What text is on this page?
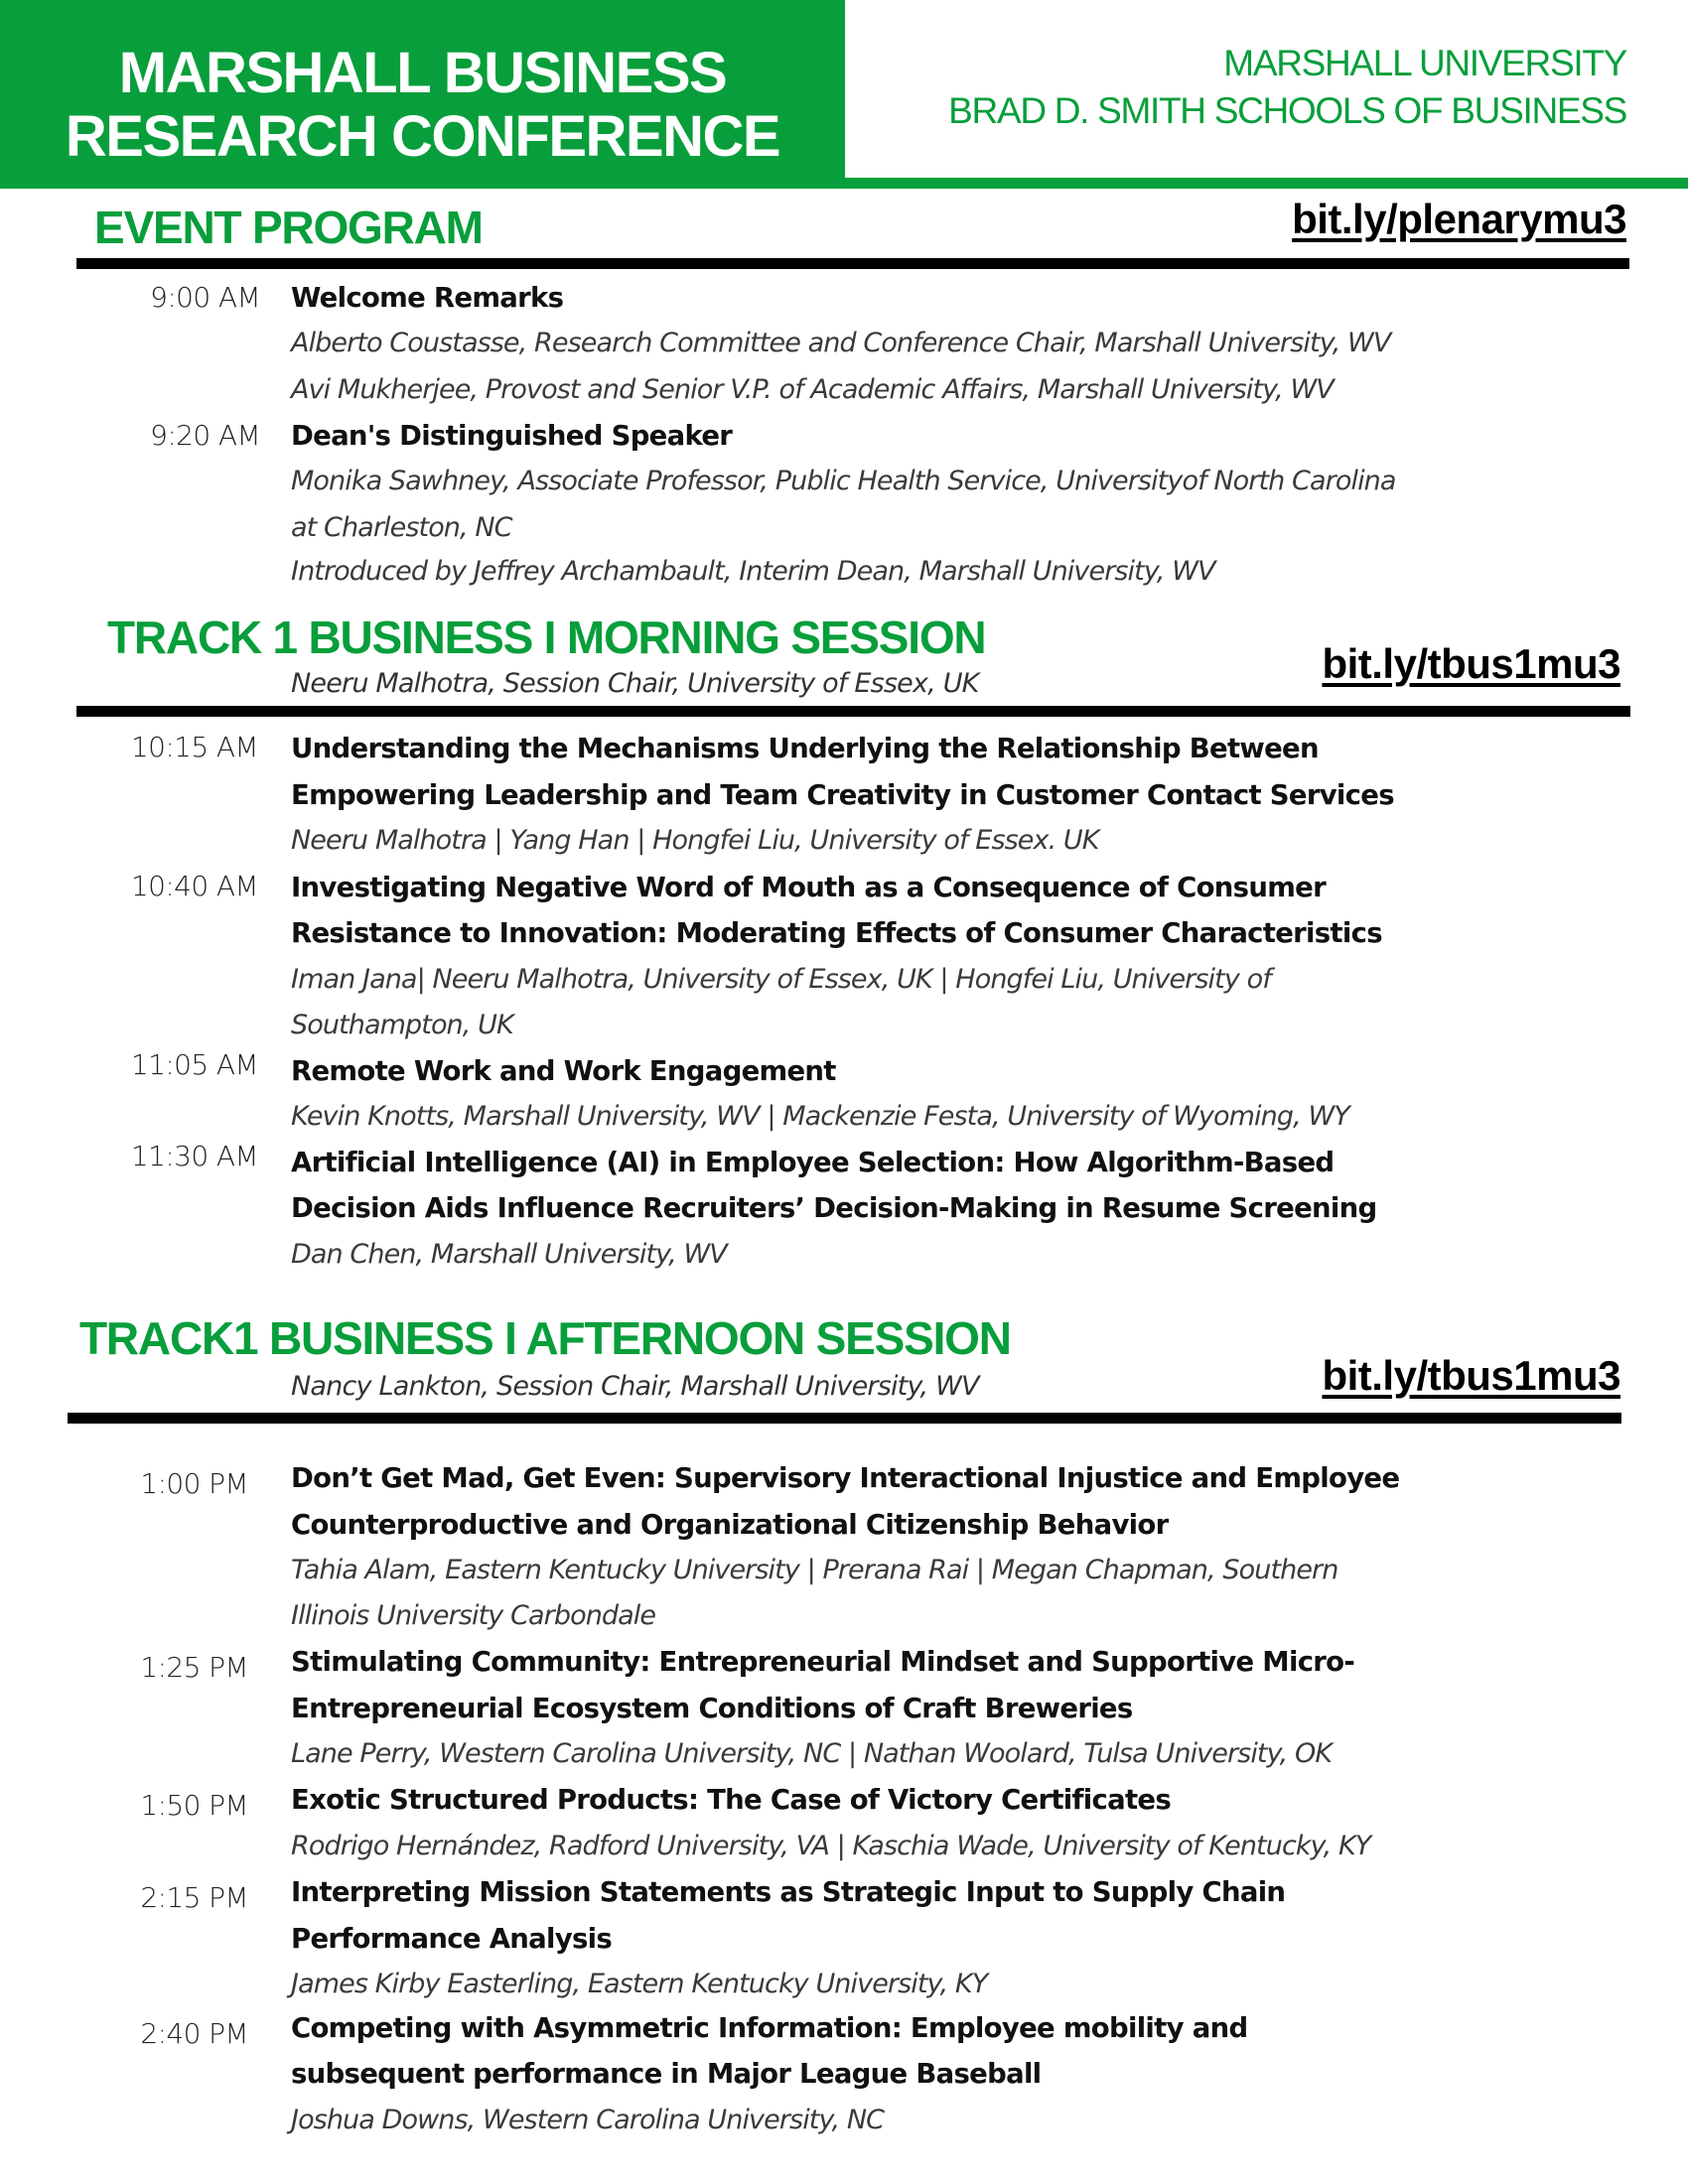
MARSHALL BUSINESS
RESEARCH CONFERENCE
MARSHALL UNIVERSITY
BRAD D. SMITH SCHOOLS OF BUSINESS
EVENT PROGRAM	bit.ly/plenarymu3
9:00 AM Welcome Remarks
Alberto Coustasse, Research Committee and Conference Chair, Marshall University, WV
Avi Mukherjee, Provost and Senior V.P. of Academic Affairs, Marshall University, WV
9:20 AM Dean's Distinguished Speaker
Monika Sawhney, Associate Professor, Public Health Service, Universityof North Carolina
at Charleston, NC
Introduced by Jeffrey Archambault, Interim Dean, Marshall University, WV
TRACK 1 BUSINESS I MORNING SESSION
Neeru Malhotra, Session Chair, University of Essex, UK	bit.ly/tbus1mu3
10:15 AM Understanding the Mechanisms Underlying the Relationship Between
Empowering Leadership and Team Creativity in Customer Contact Services
Neeru Malhotra | Yang Han | Hongfei Liu, University of Essex. UK
10:40 AM Investigating Negative Word of Mouth as a Consequence of Consumer
Resistance to Innovation: Moderating Effects of Consumer Characteristics
Iman Jana| Neeru Malhotra, University of Essex, UK | Hongfei Liu, University of
Southampton, UK
11:05 AM Remote Work and Work Engagement
Kevin Knotts, Marshall University, WV | Mackenzie Festa, University of Wyoming, WY
11:30 AM Artificial Intelligence (AI) in Employee Selection: How Algorithm-Based
Decision Aids Influence Recruiters’ Decision-Making in Resume Screening
Dan Chen, Marshall University, WV
TRACK1 BUSINESS I AFTERNOON SESSION
Nancy Lankton, Session Chair, Marshall University, WV	bit.ly/tbus1mu3
1:00 PM Don’t Get Mad, Get Even: Supervisory Interactional Injustice and Employee
Counterproductive and Organizational Citizenship Behavior
Tahia Alam, Eastern Kentucky University | Prerana Rai | Megan Chapman, Southern
Illinois University Carbondale
1:25 PM Stimulating Community: Entrepreneurial Mindset and Supportive Micro-
Entrepreneurial Ecosystem Conditions of Craft Breweries
Lane Perry, Western Carolina University, NC | Nathan Woolard, Tulsa University, OK
1:50 PM Exotic Structured Products: The Case of Victory Certificates
Rodrigo Hernández, Radford University, VA | Kaschia Wade, University of Kentucky, KY
2:15 PM Interpreting Mission Statements as Strategic Input to Supply Chain
Performance Analysis
James Kirby Easterling, Eastern Kentucky University, KY
2:40 PM Competing with Asymmetric Information: Employee mobility and
subsequent performance in Major League Baseball
Joshua Downs, Western Carolina University, NC
